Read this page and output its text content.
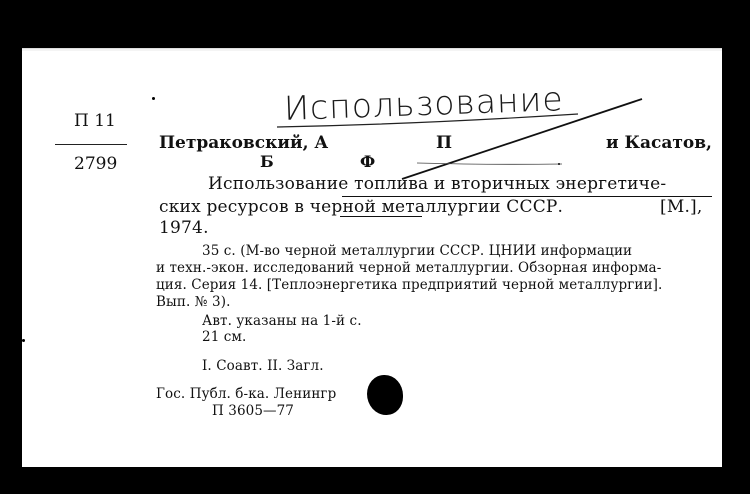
П 11
2799
Использование
Петраковский, А	П	и Касатов,
Б	Ф
Использование топлива и вторичных энергетиче-
ских ресурсов в черной металлургии СССР.	[М.],
1974.
35 с. (М-во черной металлургии СССР. ЦНИИ информации
и техн.-экон. исследований черной металлургии. Обзорная информа-
ция. Серия 14. [Теплоэнергетика предприятий черной металлургии].
Вып. № 3).
Авт. указаны на 1-й с.
21 см.
I. Соавт. II. Загл.
Гос. Публ. б-ка. Ленингр
П 3605—77
